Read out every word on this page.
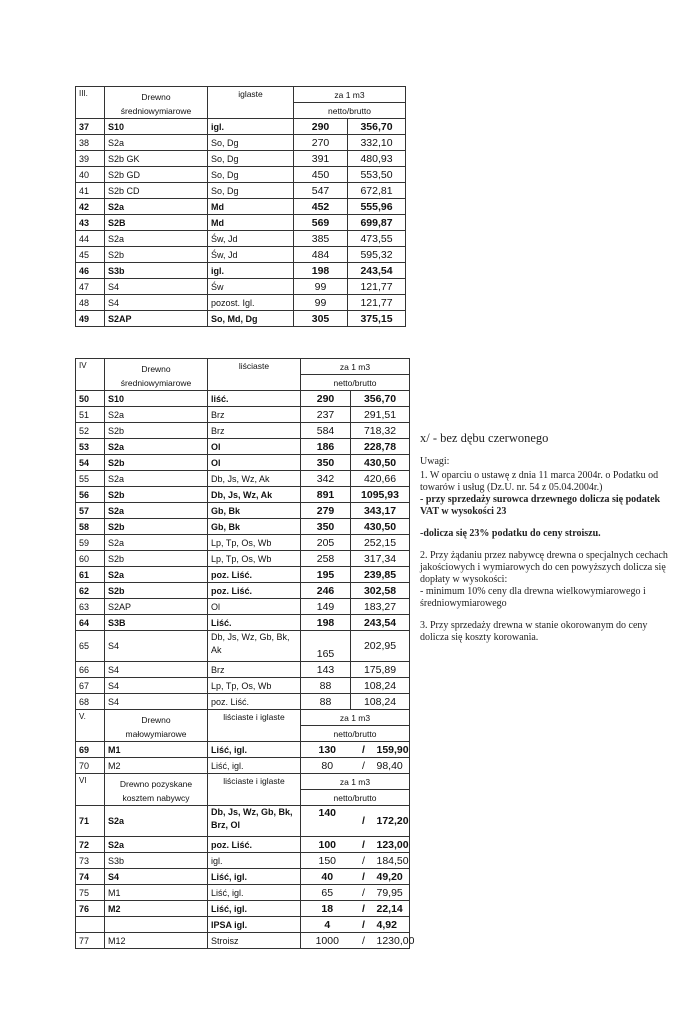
III.	Drewno
średniowymiarowe	iglaste	za 1 m3	
			netto/brutto	
37	S10	igl.	290	356,70
38	S2a	So, Dg	270	332,10
39	S2b GK	So, Dg	391	480,93
40	S2b GD	So, Dg	450	553,50
41	S2b CD	So, Dg	547	672,81
42	S2a	Md	452	555,96
43	S2B	Md	569	699,87
44	S2a	Św, Jd	385	473,55
45	S2b	Św, Jd	484	595,32
46	S3b	igl.	198	243,54
47	S4	Św	99	121,77
48	S4	pozost. Igl.	99	121,77
49	S2AP	So, Md, Dg	305	375,15
IV	Drewno
średniowymiarowe	liściaste	za 1 m3	
			netto/brutto	
50	S10	liść.	290	356,70
51	S2a	Brz	237	291,51
52	S2b	Brz	584	718,32
53	S2a	Ol	186	228,78
54	S2b	Ol	350	430,50
55	S2a	Db, Js, Wz, Ak	342	420,66
56	S2b	Db, Js, Wz, Ak	891	1095,93
57	S2a	Gb, Bk	279	343,17
58	S2b	Gb, Bk	350	430,50
59	S2a	Lp, Tp, Os, Wb	205	252,15
60	S2b	Lp, Tp, Os, Wb	258	317,34
61	S2a	poz. Liść.	195	239,85
62	S2b	poz. Liść.	246	302,58
63	S2AP	Ol	149	183,27
64	S3B	Liść.	198	243,54
65	S4	Db, Js, Wz, Gb, Bk,
Ak	165	202,95
66	S4	Brz	143	175,89
67	S4	Lp, Tp, Os, Wb	88	108,24
68	S4	poz. Liść.	88	108,24
V.	Drewno
małowymiarowe	liściaste i iglaste	za 1 m3	
			netto/brutto	
69	M1	Liść, igl.	130	/ 159,90
70	M2	Liść, igl.	80	/ 98,40
VI	Drewno pozyskane
kosztem nabywcy	liściaste i iglaste	za 1 m3	
			netto/brutto	
71	S2a	Db, Js, Wz, Gb, Bk,
Brz, Ol	140	/ 172,20
72	S2a	poz. Liść.	100	/ 123,00
73	S3b	igl.	150	/ 184,50
74	S4	Liść, igl.	40	/ 49,20
75	M1	Liść, igl.	65	/ 79,95
76	M2	Liść, igl.	18	/ 22,14
		IPSA igl.	4	/ 4,92
77	M12	Stroisz	1000	/ 1230,00
x/ - bez dębu czerwonego

Uwagi:

1. W oparciu o ustawę z dnia 11 marca 2004r. o Podatku od towarów i usług (Dz.U. nr. 54 z 05.04.2004r.)
- przy sprzedaży surowca drzewnego dolicza się podatek VAT w wysokości 23

-dolicza się 23% podatku do ceny stroiszu.

2. Przy żądaniu przez nabywcę drewna o specjalnych cechach jakościowych i wymiarowych do cen powyższych dolicza się dopłaty w wysokości:
- minimum 10% ceny dla drewna wielkowymiarowego i średniowymiarowego

3. Przy sprzedaży drewna w stanie okorowanym do ceny dolicza się koszty korowania.
